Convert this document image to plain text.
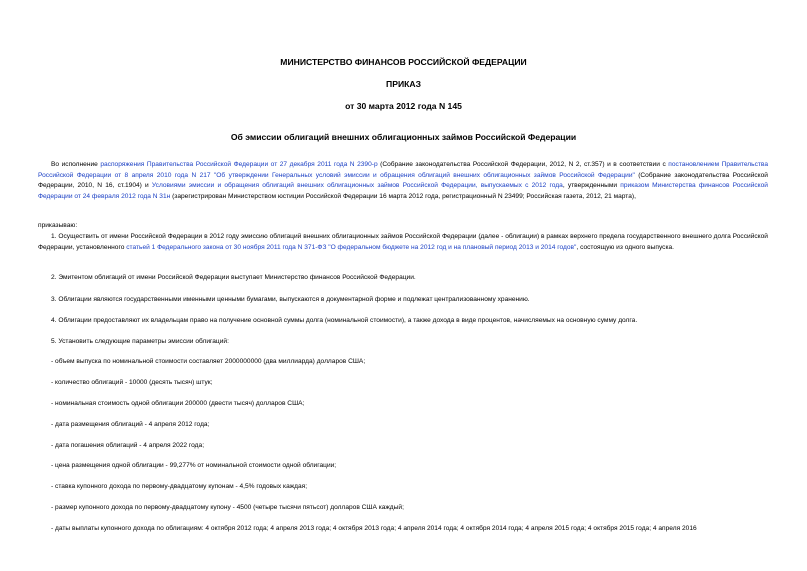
МИНИСТЕРСТВО ФИНАНСОВ РОССИЙСКОЙ ФЕДЕРАЦИИ
ПРИКАЗ
от 30 марта 2012 года N 145
Об эмиссии облигаций внешних облигационных займов Российской Федерации
Во исполнение распоряжения Правительства Российской Федерации от 27 декабря 2011 года N 2390-р (Собрание законодательства Российской Федерации, 2012, N 2, ст.357) и в соответствии с постановлением Правительства Российской Федерации от 8 апреля 2010 года N 217 "Об утверждении Генеральных условий эмиссии и обращения облигаций внешних облигационных займов Российской Федерации" (Собрание законодательства Российской Федерации, 2010, N 16, ст.1904) и Условиями эмиссии и обращения облигаций внешних облигационных займов Российской Федерации, выпускаемых с 2012 года, утвержденными приказом Министерства финансов Российской Федерации от 24 февраля 2012 года N 31н (зарегистрирован Министерством юстиции Российской Федерации 16 марта 2012 года, регистрационный N 23499; Российская газета, 2012, 21 марта),
приказываю:
1. Осуществить от имени Российской Федерации в 2012 году эмиссию облигаций внешних облигационных займов Российской Федерации (далее - облигации) в рамках верхнего предела государственного внешнего долга Российской Федерации, установленного статьей 1 Федерального закона от 30 ноября 2011 года N 371-ФЗ "О федеральном бюджете на 2012 год и на плановый период 2013 и 2014 годов", состоящую из одного выпуска.
2. Эмитентом облигаций от имени Российской Федерации выступает Министерство финансов Российской Федерации.
3. Облигации являются государственными именными ценными бумагами, выпускаются в документарной форме и подлежат централизованному хранению.
4. Облигации предоставляют их владельцам право на получение основной суммы долга (номинальной стоимости), а также дохода в виде процентов, начисляемых на основную сумму долга.
5. Установить следующие параметры эмиссии облигаций:
- объем выпуска по номинальной стоимости составляет 2000000000 (два миллиарда) долларов США;
- количество облигаций - 10000 (десять тысяч) штук;
- номинальная стоимость одной облигации 200000 (двести тысяч) долларов США;
- дата размещения облигаций - 4 апреля 2012 года;
- дата погашения облигаций - 4 апреля 2022 года;
- цена размещения одной облигации - 99,277% от номинальной стоимости одной облигации;
- ставка купонного дохода по первому-двадцатому купонам - 4,5% годовых каждая;
- размер купонного дохода по первому-двадцатому купону - 4500 (четыре тысячи пятьсот) долларов США каждый;
- даты выплаты купонного дохода по облигациям: 4 октября 2012 года; 4 апреля 2013 года; 4 октября 2013 года; 4 апреля 2014 года; 4 октября 2014 года; 4 апреля 2015 года; 4 октября 2015 года; 4 апреля 2016
